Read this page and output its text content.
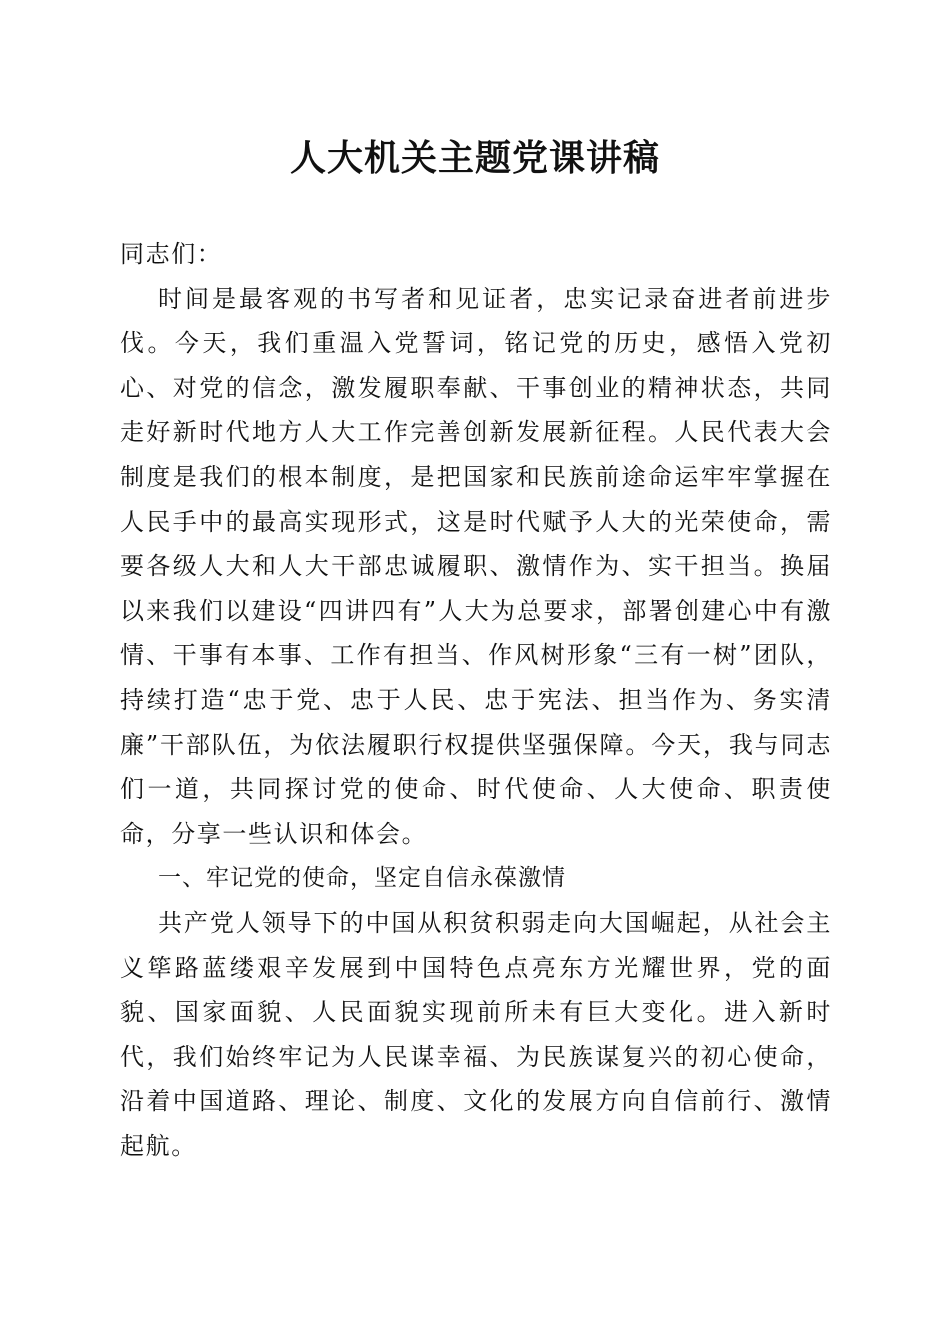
人大机关主题党课讲稿

同志们：

时间是最客观的书写者和见证者，忠实记录奋进者前进步伐。今天，我们重温入党誓词，铭记党的历史，感悟入党初心、对党的信念，激发履职奉献、干事创业的精神状态，共同走好新时代地方人大工作完善创新发展新征程。人民代表大会制度是我们的根本制度，是把国家和民族前途命运牢牢掌握在人民手中的最高实现形式，这是时代赋予人大的光荣使命，需要各级人大和人大干部忠诚履职、激情作为、实干担当。换届以来我们以建设“四讲四有”人大为总要求，部署创建心中有激情、干事有本事、工作有担当、作风树形象“三有一树”团队，持续打造“忠于党、忠于人民、忠于宪法、担当作为、务实清廉”干部队伍，为依法履职行权提供坚强保障。今天，我与同志们一道，共同探讨党的使命、时代使命、人大使命、职责使命，分享一些认识和体会。

一、牢记党的使命，坚定自信永葆激情

共产党人领导下的中国从积贫积弱走向大国崛起，从社会主义筚路蓝缕艰辛发展到中国特色点亮东方光耀世界，党的面貌、国家面貌、人民面貌实现前所未有巨大变化。进入新时代，我们始终牢记为人民谋幸福、为民族谋复兴的初心使命，沿着中国道路、理论、制度、文化的发展方向自信前行、激情起航。
